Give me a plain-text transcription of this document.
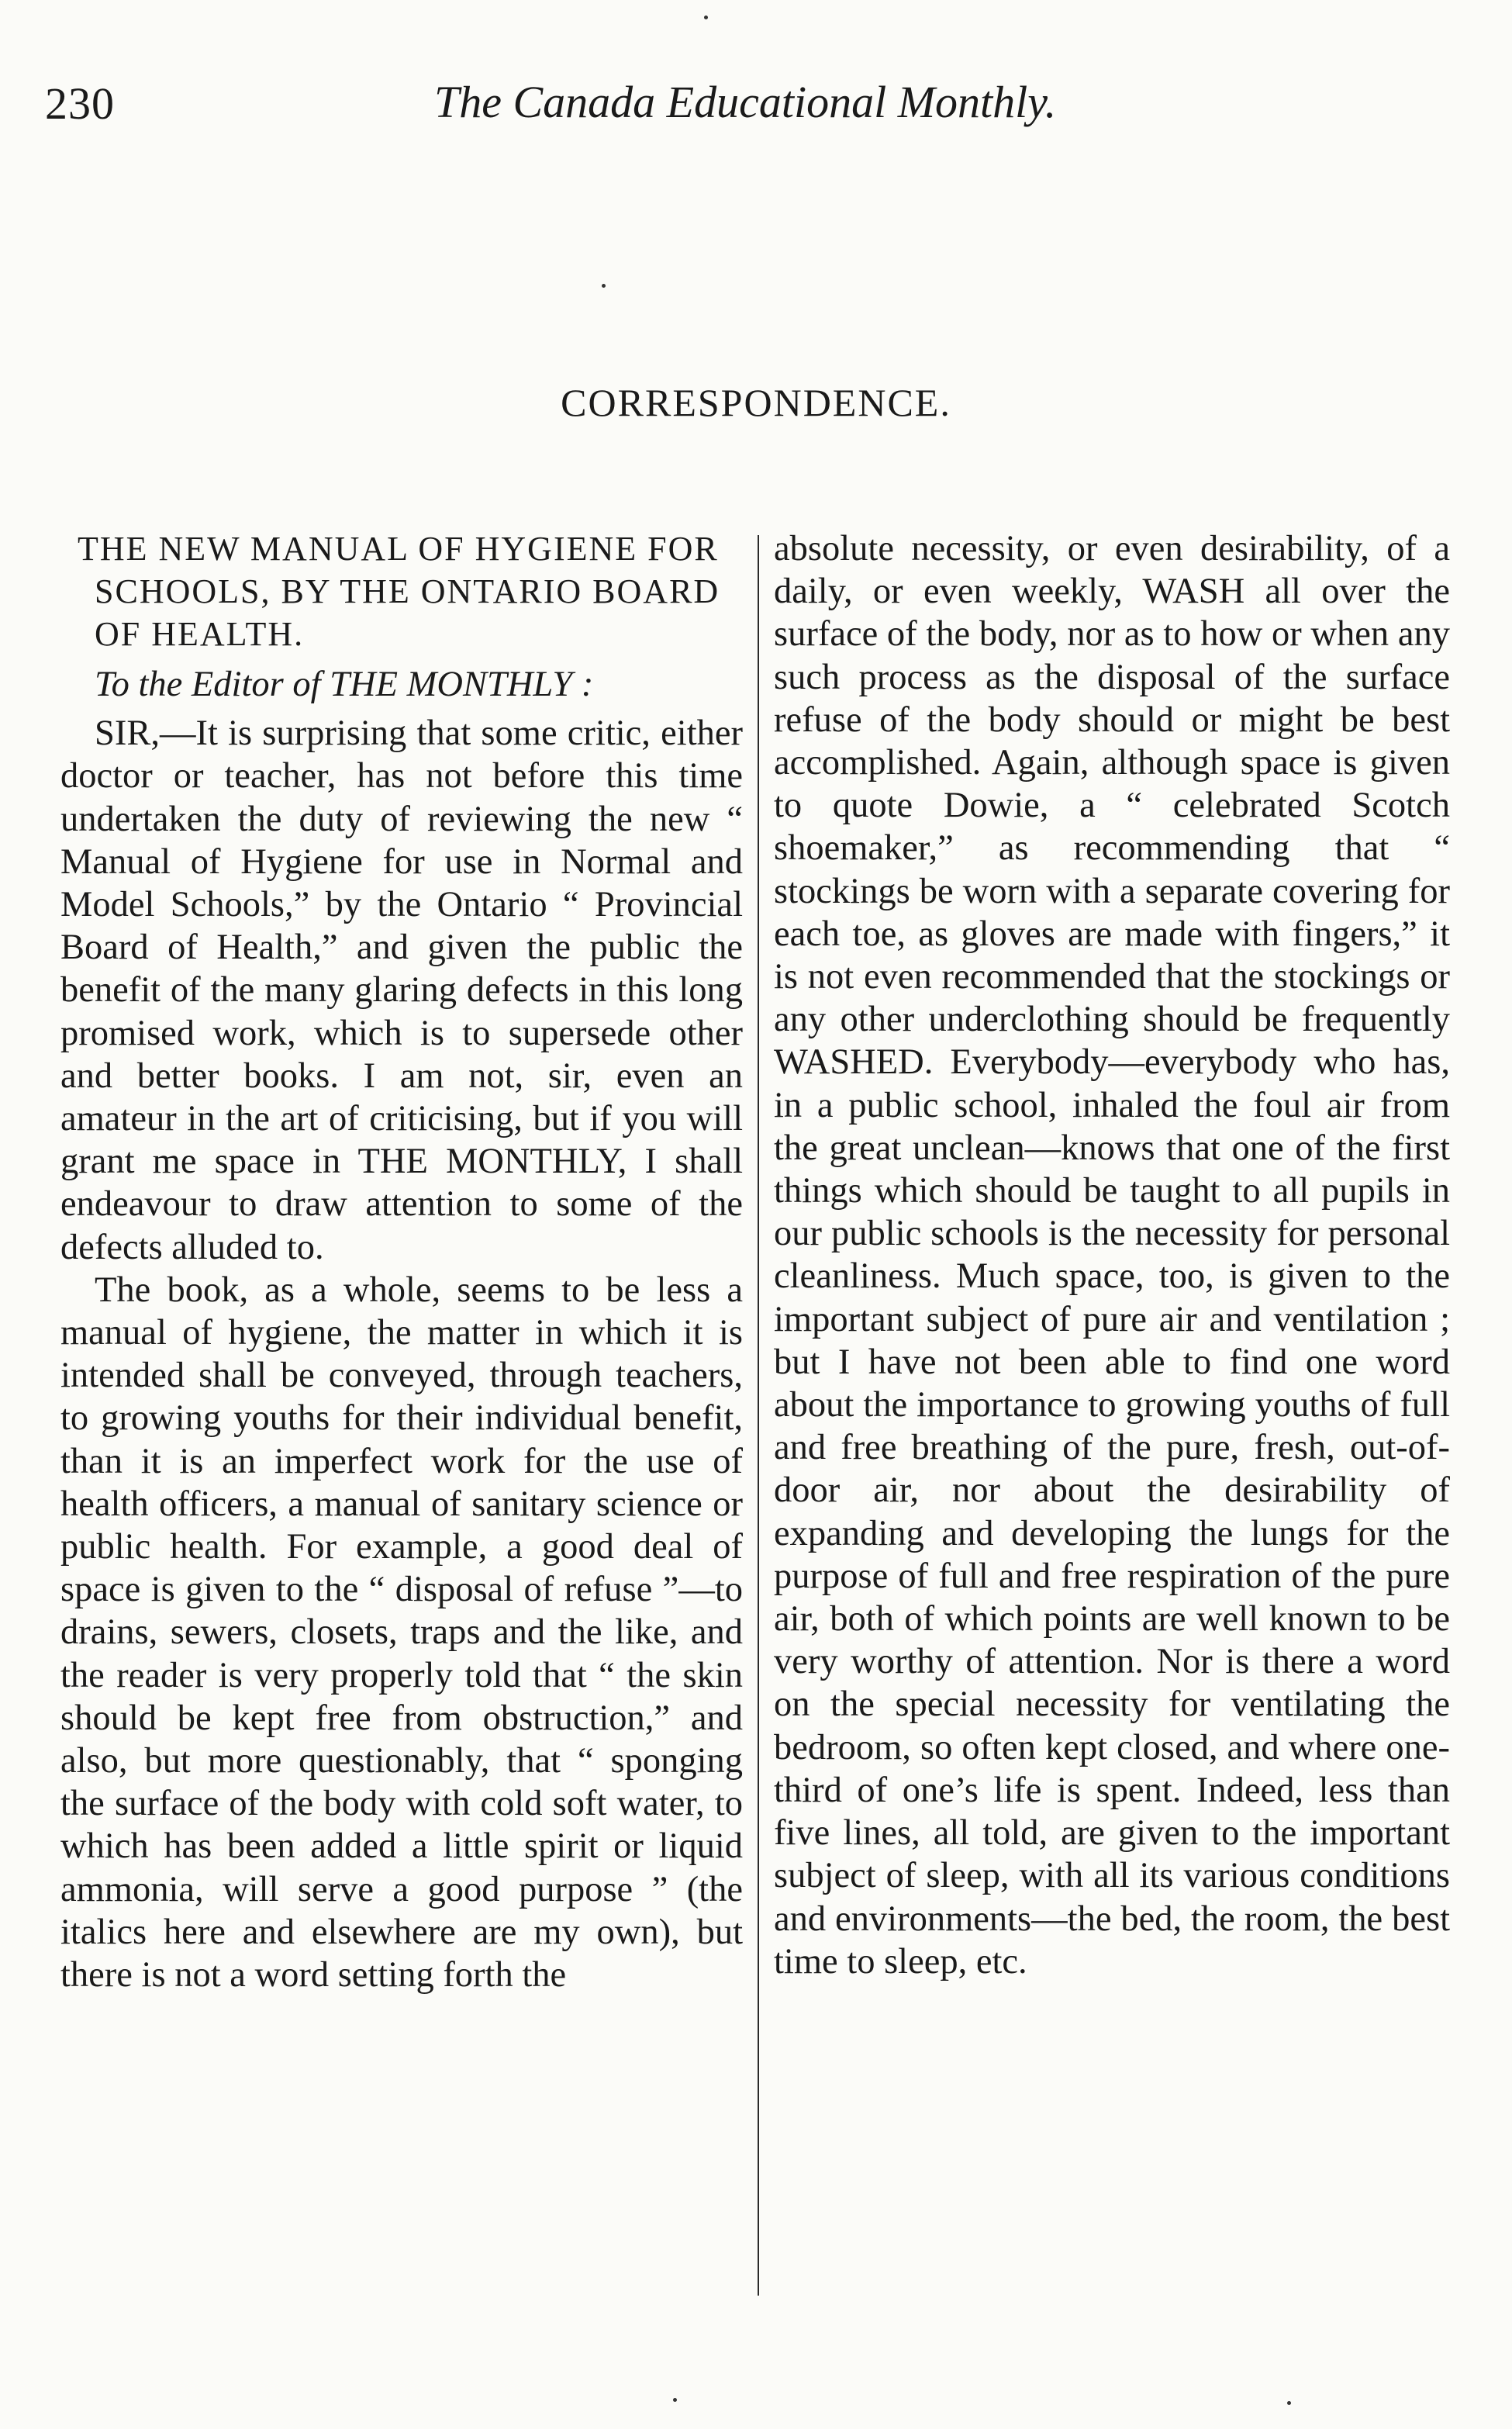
230	The Canada Educational Monthly.
CORRESPONDENCE.

THE NEW MANUAL OF HYGIENE FOR SCHOOLS, BY THE ONTARIO BOARD OF HEALTH.

To the Editor of THE MONTHLY :

SIR,—It is surprising that some critic, either doctor or teacher, has not before this time undertaken the duty of reviewing the new “ Manual of Hygiene for use in Normal and Model Schools,” by the Ontario “ Provincial Board of Health,” and given the public the benefit of the many glaring defects in this long promised work, which is to supersede other and better books. I am not, sir, even an amateur in the art of criticising, but if you will grant me space in THE MONTHLY, I shall endeavour to draw attention to some of the defects alluded to.

The book, as a whole, seems to be less a manual of hygiene, the matter in which it is intended shall be conveyed, through teachers, to growing youths for their individual benefit, than it is an imperfect work for the use of health officers, a manual of sanitary science or public health. For example, a good deal of space is given to the “ disposal of refuse ”—to drains, sewers, closets, traps and the like, and the reader is very properly told that “ the skin should be kept free from obstruction,” and also, but more questionably, that “ sponging the surface of the body with cold soft water, to which has been added a little spirit or liquid ammonia, will serve a good purpose ” (the italics here and elsewhere are my own), but there is not a word setting forth the

absolute necessity, or even desirability, of a daily, or even weekly, WASH all over the surface of the body, nor as to how or when any such process as the disposal of the surface refuse of the body should or might be best accomplished. Again, although space is given to quote Dowie, a “ celebrated Scotch shoemaker,” as recommending that “ stockings be worn with a separate covering for each toe, as gloves are made with fingers,” it is not even recommended that the stockings or any other underclothing should be frequently WASHED. Everybody—everybody who has, in a public school, inhaled the foul air from the great unclean—knows that one of the first things which should be taught to all pupils in our public schools is the necessity for personal cleanliness. Much space, too, is given to the important subject of pure air and ventilation ; but I have not been able to find one word about the importance to growing youths of full and free breathing of the pure, fresh, out-of-door air, nor about the desirability of expanding and developing the lungs for the purpose of full and free respiration of the pure air, both of which points are well known to be very worthy of attention. Nor is there a word on the special necessity for ventilating the bedroom, so often kept closed, and where one-third of one’s life is spent. Indeed, less than five lines, all told, are given to the important subject of sleep, with all its various conditions and environments—the bed, the room, the best time to sleep, etc.
